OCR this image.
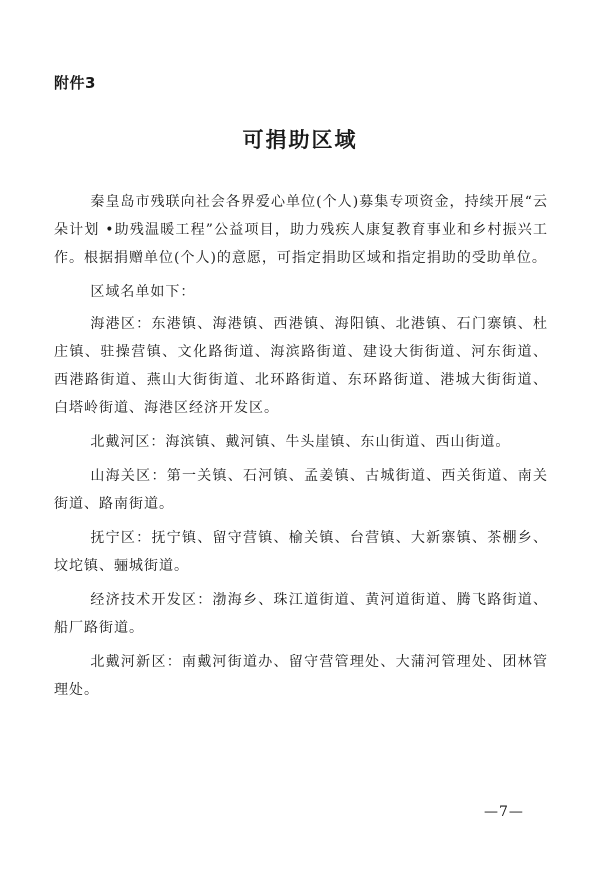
附件3
可捐助区域

秦皇岛市残联向社会各界爱心单位(个人)募集专项资金，持续开展“云朵计划 •助残温暖工程”公益项目，助力残疾人康复教育事业和乡村振兴工作。根据捐赠单位(个人)的意愿，可指定捐助区域和指定捐助的受助单位。

区域名单如下：

海港区：东港镇、海港镇、西港镇、海阳镇、北港镇、石门寨镇、杜庄镇、驻操营镇、文化路街道、海滨路街道、建设大街街道、河东街道、西港路街道、燕山大街街道、北环路街道、东环路街道、港城大街街道、白塔岭街道、海港区经济开发区。

北戴河区：海滨镇、戴河镇、牛头崖镇、东山街道、西山街道。

山海关区：第一关镇、石河镇、孟姜镇、古城街道、西关街道、南关街道、路南街道。

抚宁区：抚宁镇、留守营镇、榆关镇、台营镇、大新寨镇、茶棚乡、坟坨镇、骊城街道。

经济技术开发区：渤海乡、珠江道街道、黄河道街道、腾飞路街道、船厂路街道。

北戴河新区：南戴河街道办、留守营管理处、大蒲河管理处、团林管理处。

—7—
